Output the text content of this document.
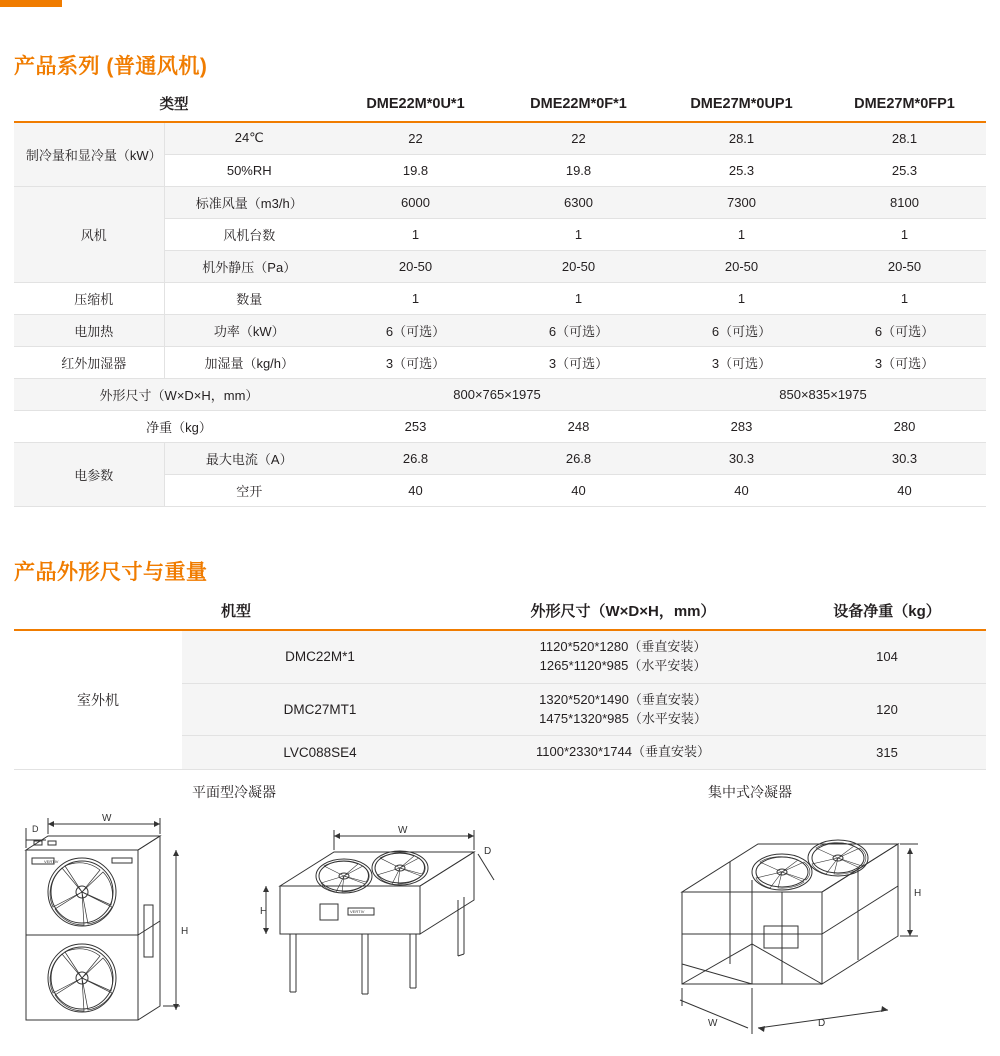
产品系列 (普通风机)
类型		DME22M*0U*1	DME22M*0F*1	DME27M*0UP1	DME27M*0FP1
制冷量和显冷量（kW）	24℃	22	22	28.1	28.1
	50%RH	19.8	19.8	25.3	25.3
风机	标准风量（m3/h）	6000	6300	7300	8100
	风机台数	1	1	1	1
	机外静压（Pa）	20-50	20-50	20-50	20-50
压缩机	数量	1	1	1	1
电加热	功率（kW）	6（可选）	6（可选）	6（可选）	6（可选）
红外加湿器	加湿量（kg/h）	3（可选）	3（可选）	3（可选）	3（可选）
外形尺寸（W×D×H，mm）		800×765×1975		850×835×1975	
净重（kg）		253	248	283	280
电参数	最大电流（A）	26.8	26.8	30.3	30.3
	空开	40	40	40	40
产品外形尺寸与重量
机型		外形尺寸（W×D×H，mm）	设备净重（kg）
室外机	DMC22M*1	1120*520*1280（垂直安装）
1265*1120*985（水平安装）	104
	DMC27MT1	1320*520*1490（垂直安装）
1475*1320*985（水平安装）	120
	LVC088SE4	1100*2330*1744（垂直安装）	315
平面型冷凝器	集中式冷凝器
W
H
D
VERTIV
W
D
H	VERTIV
H
D
W
